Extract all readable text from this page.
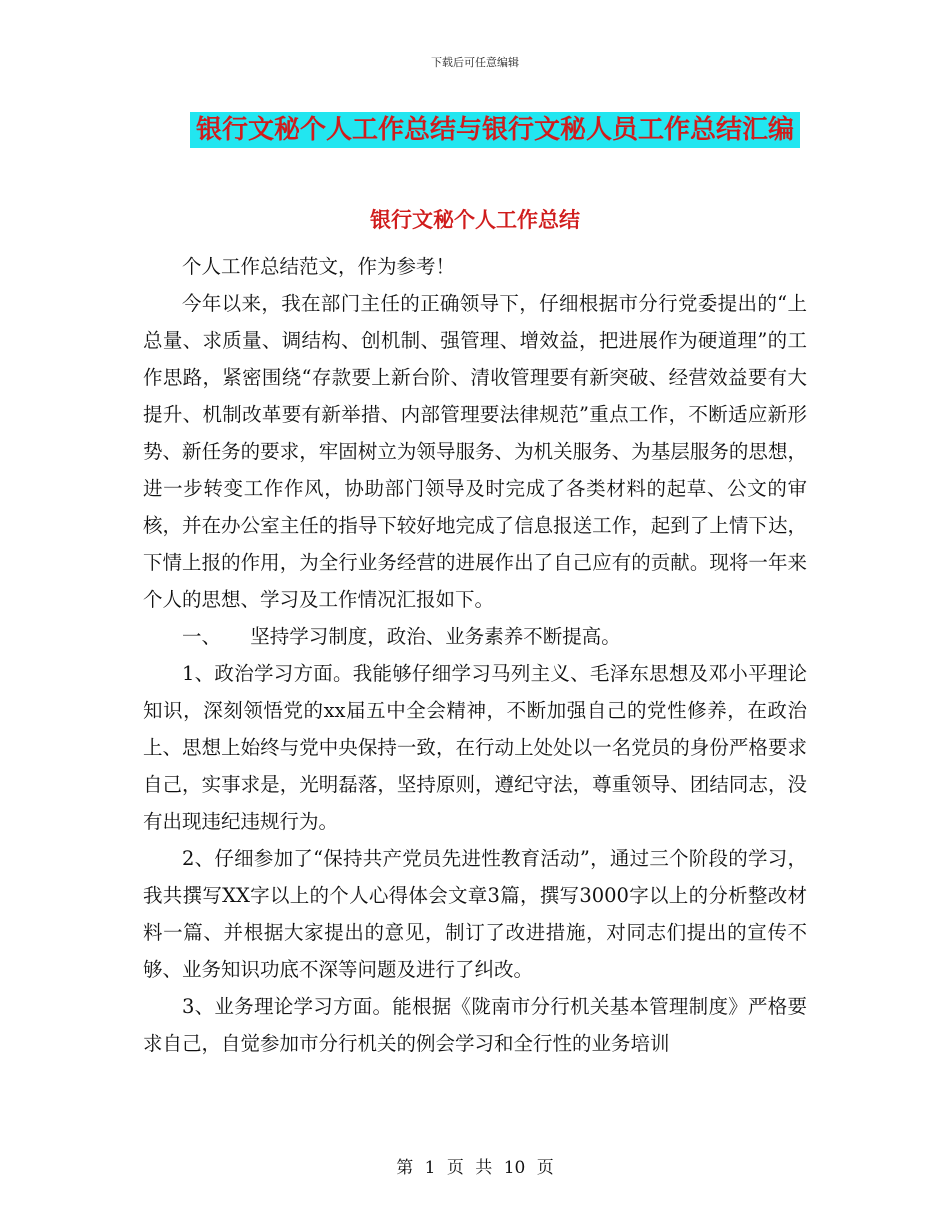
下载后可任意编辑
银行文秘个人工作总结与银行文秘人员工作总结汇编
银行文秘个人工作总结

个人工作总结范文，作为参考！

今年以来，我在部门主任的正确领导下，仔细根据市分行党委提出的“上总量、求质量、调结构、创机制、强管理、增效益，把进展作为硬道理”的工作思路，紧密围绕“存款要上新台阶、清收管理要有新突破、经营效益要有大提升、机制改革要有新举措、内部管理要法律规范”重点工作，不断适应新形势、新任务的要求，牢固树立为领导服务、为机关服务、为基层服务的思想，进一步转变工作作风，协助部门领导及时完成了各类材料的起草、公文的审核，并在办公室主任的指导下较好地完成了信息报送工作，起到了上情下达，下情上报的作用，为全行业务经营的进展作出了自己应有的贡献。现将一年来个人的思想、学习及工作情况汇报如下。

一、　　坚持学习制度，政治、业务素养不断提高。

1、政治学习方面。我能够仔细学习马列主义、毛泽东思想及邓小平理论知识，深刻领悟党的xx届五中全会精神，不断加强自己的党性修养，在政治上、思想上始终与党中央保持一致，在行动上处处以一名党员的身份严格要求自己，实事求是，光明磊落，坚持原则，遵纪守法，尊重领导、团结同志，没有出现违纪违规行为。

2、仔细参加了“保持共产党员先进性教育活动”，通过三个阶段的学习，我共撰写XX字以上的个人心得体会文章3篇，撰写3000字以上的分析整改材料一篇、并根据大家提出的意见，制订了改进措施，对同志们提出的宣传不够、业务知识功底不深等问题及进行了纠改。

3、业务理论学习方面。能根据《陇南市分行机关基本管理制度》严格要求自己，自觉参加市分行机关的例会学习和全行性的业务培训

第 1 页 共 10 页
